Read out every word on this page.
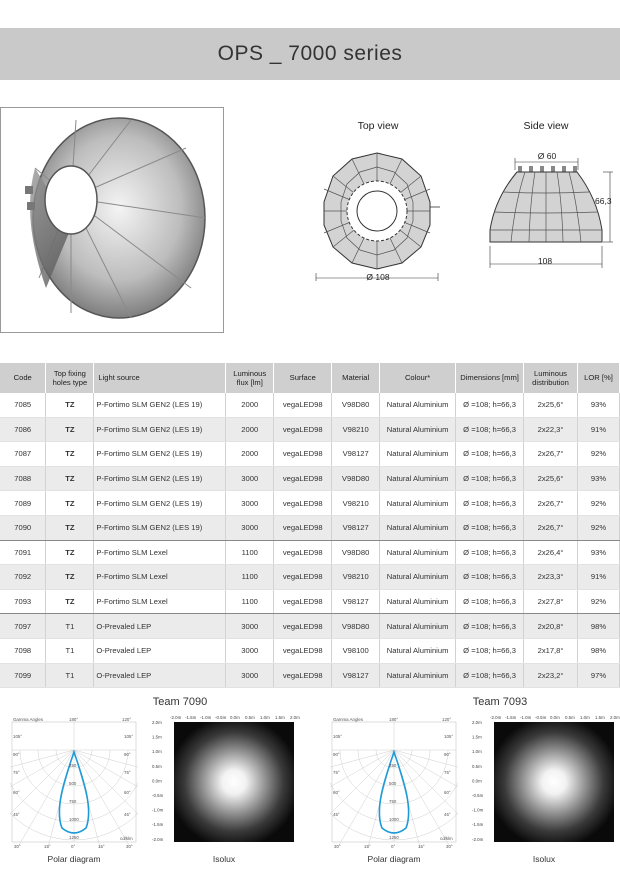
OPS _ 7000 series
Top view	Side view
Ø 108
Ø 60
66,3
108
Code	Top fixing holes type	Light source	Luminous flux [lm]	Surface	Material	Colour*	Dimensions [mm]	Luminous distribution	LOR [%]
7085	TZ	P-Fortimo SLM GEN2 (LES 19)	2000	vegaLED98	V98D80	Natural Aluminium	Ø =108; h=66,3	2x25,6°	93%
7086	TZ	P-Fortimo SLM GEN2 (LES 19)	2000	vegaLED98	V98210	Natural Aluminium	Ø =108; h=66,3	2x22,3°	91%
7087	TZ	P-Fortimo SLM GEN2 (LES 19)	2000	vegaLED98	V98127	Natural Aluminium	Ø =108; h=66,3	2x26,7°	92%
7088	TZ	P-Fortimo SLM GEN2 (LES 19)	3000	vegaLED98	V98D80	Natural Aluminium	Ø =108; h=66,3	2x25,6°	93%
7089	TZ	P-Fortimo SLM GEN2 (LES 19)	3000	vegaLED98	V98210	Natural Aluminium	Ø =108; h=66,3	2x26,7°	92%
7090	TZ	P-Fortimo SLM GEN2 (LES 19)	3000	vegaLED98	V98127	Natural Aluminium	Ø =108; h=66,3	2x26,7°	92%
7091	TZ	P-Fortimo SLM Lexel	1100	vegaLED98	V98D80	Natural Aluminium	Ø =108; h=66,3	2x26,4°	93%
7092	TZ	P-Fortimo SLM Lexel	1100	vegaLED98	V98210	Natural Aluminium	Ø =108; h=66,3	2x23,3°	91%
7093	TZ	P-Fortimo SLM Lexel	1100	vegaLED98	V98127	Natural Aluminium	Ø =108; h=66,3	2x27,8°	92%
7097	T1	O-Prevaled LEP	3000	vegaLED98	V98D80	Natural Aluminium	Ø =108; h=66,3	2x20,8°	98%
7098	T1	O-Prevaled LEP	3000	vegaLED98	V98100	Natural Aluminium	Ø =108; h=66,3	2x17,8°	98%
7099	T1	O-Prevaled LEP	3000	vegaLED98	V98127	Natural Aluminium	Ø =108; h=66,3	2x23,2°	97%
Team 7090
Gamma Angles	180°	120°
105°
90°
75°
60°
45°
105°
90°
75°
60°
45°
250
500
750
1000
1250
30°	15°	0°	15°	30°
cd/klm
-2.0m -1.5m -1.0m -0.5m 0.0m 0.5m 1.0m 1.5m 2.0m
2.0m
1.5m
1.0m
0.5m
0.0m
-0.5m
-1.0m
-1.5m
-2.0m
Polar diagram	Isolux
Team 7093
Gamma Angles	180°	120°
105°
90°
75°
60°
45°
105°
90°
75°
60°
45°
250
500
750
1000
1250
30°	15°	0°	15°	30°
cd/klm
-2.0m -1.5m -1.0m -0.5m 0.0m 0.5m 1.0m 1.5m 2.0m
2.0m
1.5m
1.0m
0.5m
0.0m
-0.5m
-1.0m
-1.5m
-2.0m
Polar diagram	Isolux
